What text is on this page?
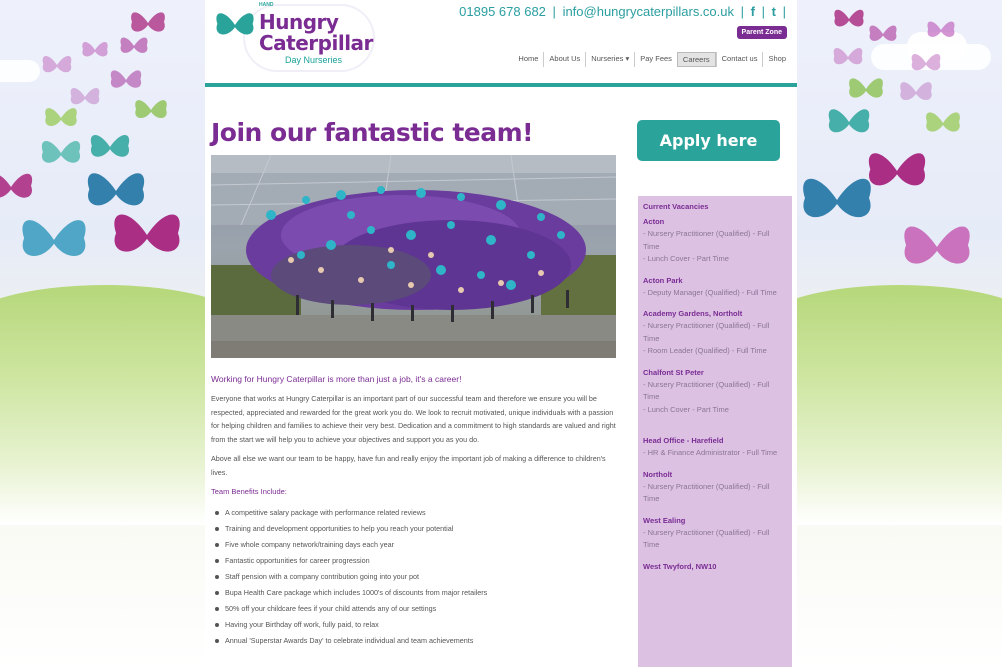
HAND
Hungry
Caterpillar
Day Nurseries
01895 678 682 | info@hungrycaterpillars.co.uk | f | t |
Parent Zone
Home	About Us	Nurseries ▾	Pay Fees	Careers	Contact us	Shop
Join our fantastic team!

Working for Hungry Caterpillar is more than just a job, it's a career!

Everyone that works at Hungry Caterpillar is an important part of our successful team and therefore we ensure you will be respected, appreciated and rewarded for the great work you do. We look to recruit motivated, unique individuals with a passion for helping children and families to achieve their very best. Dedication and a commitment to high standards are valued and right from the start we will help you to achieve your objectives and support you as you do.

Above all else we want our team to be happy, have fun and really enjoy the important job of making a difference to children's lives.

Team Benefits Include:

A competitive salary package with performance related reviews
Training and development opportunities to help you reach your potential
Five whole company network/training days each year
Fantastic opportunities for career progression
Staff pension with a company contribution going into your pot
Bupa Health Care package which includes 1000's of discounts from major retailers
50% off your childcare fees if your child attends any of our settings
Having your Birthday off work, fully paid, to relax
Annual 'Superstar Awards Day' to celebrate individual and team achievements
Apply here
Current Vacancies
Acton
- Nursery Practitioner (Qualified) - Full Time
- Lunch Cover - Part Time
Acton Park
- Deputy Manager (Qualified) - Full Time
Academy Gardens, Northolt
- Nursery Practitioner (Qualified) - Full Time
- Room Leader (Qualified) - Full Time
Chalfont St Peter
- Nursery Practitioner (Qualified) - Full Time
- Lunch Cover - Part Time
Head Office - Harefield
- HR & Finance Administrator - Full Time
Northolt
- Nursery Practitioner (Qualified) - Full Time
West Ealing
- Nursery Practitioner (Qualified) - Full Time
West Twyford, NW10
